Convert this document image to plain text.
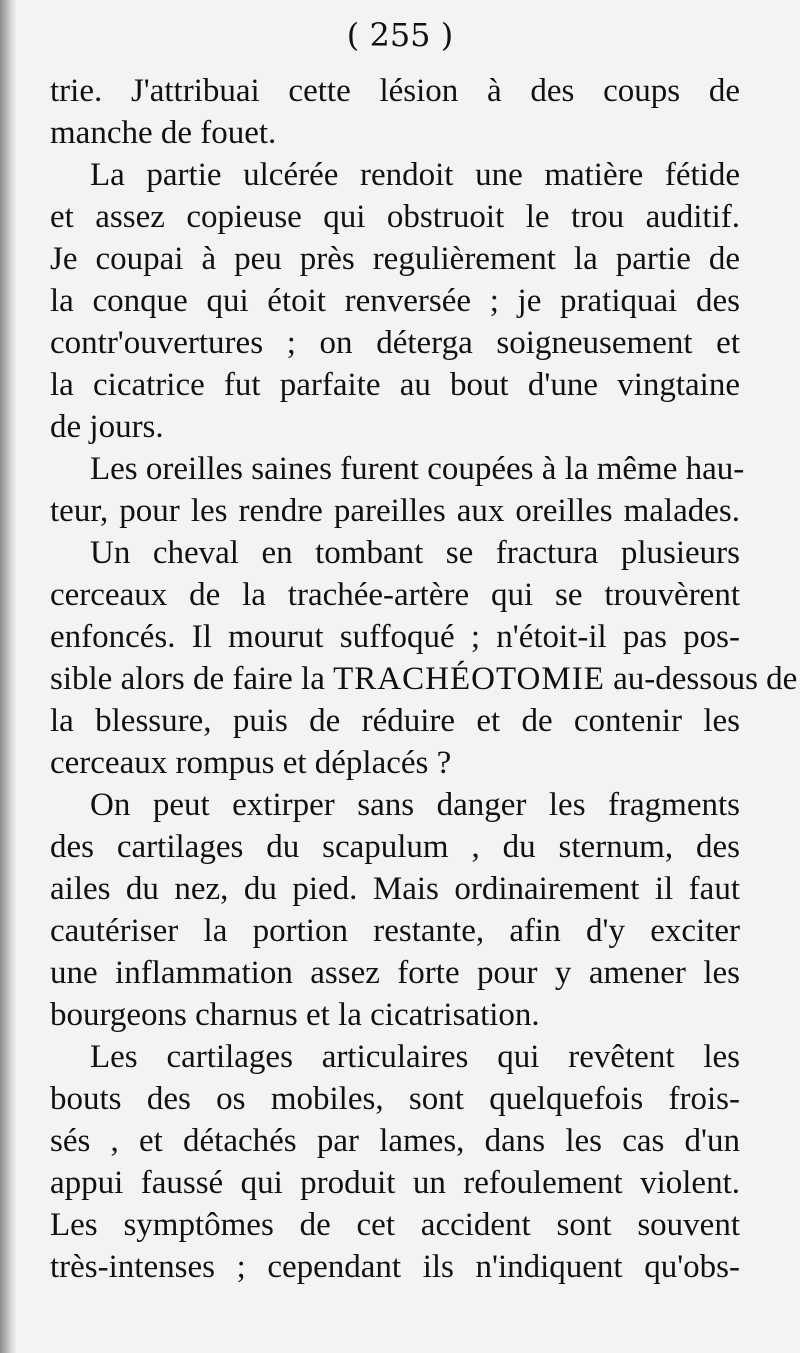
( 255 )
trie. J'attribuai cette lésion à des coups de
manche de fouet.
La partie ulcérée rendoit une matière fétide
et assez copieuse qui obstruoit le trou auditif.
Je coupai à peu près regulièrement la partie de
la conque qui étoit renversée ; je pratiquai des
contr'ouvertures ; on déterga soigneusement et
la cicatrice fut parfaite au bout d'une vingtaine
de jours.
Les oreilles saines furent coupées à la même hau-
teur, pour les rendre pareilles aux oreilles malades.
Un cheval en tombant se fractura plusieurs
cerceaux de la trachée-artère qui se trouvèrent
enfoncés. Il mourut suffoqué ; n'étoit-il pas pos-
sible alors de faire la TRACHÉOTOMIE au-dessous de
la blessure, puis de réduire et de contenir les
cerceaux rompus et déplacés ?
On peut extirper sans danger les fragments
des cartilages du scapulum , du sternum, des
ailes du nez, du pied. Mais ordinairement il faut
cautériser la portion restante, afin d'y exciter
une inflammation assez forte pour y amener les
bourgeons charnus et la cicatrisation.
Les cartilages articulaires qui revêtent les
bouts des os mobiles, sont quelquefois frois-
sés , et détachés par lames, dans les cas d'un
appui faussé qui produit un refoulement violent.
Les symptômes de cet accident sont souvent
très-intenses ; cependant ils n'indiquent qu'obs-
